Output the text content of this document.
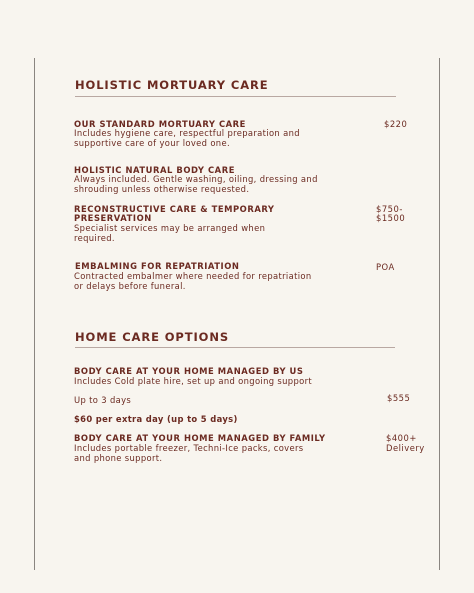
HOLISTIC MORTUARY CARE
OUR STANDARD MORTUARY CARE
Includes hygiene care, respectful preparation and
supportive care of your loved one.
$220
HOLISTIC NATURAL BODY CARE
Always included. Gentle washing, oiling, dressing and
shrouding unless otherwise requested.
RECONSTRUCTIVE CARE & TEMPORARY
PRESERVATION
Specialist services may be arranged when
required.
$750-
$1500
EMBALMING FOR REPATRIATION
Contracted embalmer where needed for repatriation
or delays before funeral.
POA
HOME CARE OPTIONS
BODY CARE AT YOUR HOME MANAGED BY US
Includes Cold plate hire, set up and ongoing support
Up to 3 days	$555
$60 per extra day (up to 5 days)
BODY CARE AT YOUR HOME MANAGED BY FAMILY
Includes portable freezer, Techni-Ice packs, covers
and phone support.
$400+
Delivery
